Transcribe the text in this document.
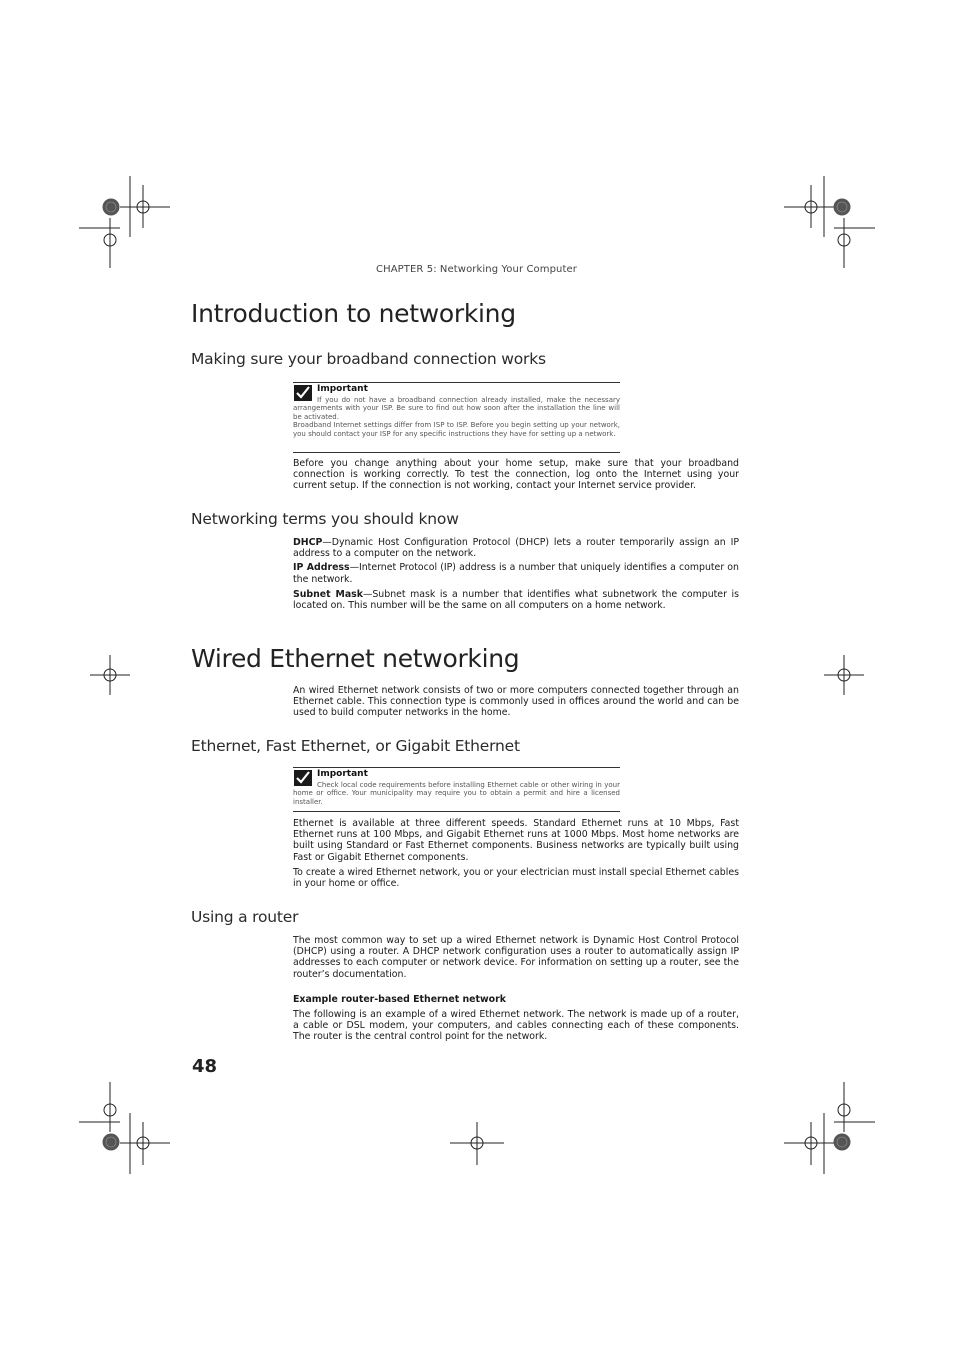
CHAPTER 5: Networking Your Computer
Introduction to networking
Making sure your broadband connection works
Important

If you do not have a broadband connection already installed, make the necessary arrangements with your ISP. Be sure to find out how soon after the installation the line will be activated.

Broadband Internet settings differ from ISP to ISP. Before you begin setting up your network, you should contact your ISP for any specific instructions they have for setting up a network.

Before you change anything about your home setup, make sure that your broadband connection is working correctly. To test the connection, log onto the Internet using your current setup. If the connection is not working, contact your Internet service provider.

Networking terms you should know

DHCP—Dynamic Host Configuration Protocol (DHCP) lets a router temporarily assign an IP address to a computer on the network.

IP Address—Internet Protocol (IP) address is a number that uniquely identifies a computer on the network.

Subnet Mask—Subnet mask is a number that identifies what subnetwork the computer is located on. This number will be the same on all computers on a home network.

Wired Ethernet networking

An wired Ethernet network consists of two or more computers connected together through an Ethernet cable. This connection type is commonly used in offices around the world and can be used to build computer networks in the home.

Ethernet, Fast Ethernet, or Gigabit Ethernet
Important

Check local code requirements before installing Ethernet cable or other wiring in your home or office. Your municipality may require you to obtain a permit and hire a licensed installer.

Ethernet is available at three different speeds. Standard Ethernet runs at 10 Mbps, Fast Ethernet runs at 100 Mbps, and Gigabit Ethernet runs at 1000 Mbps. Most home networks are built using Standard or Fast Ethernet components. Business networks are typically built using Fast or Gigabit Ethernet components.

To create a wired Ethernet network, you or your electrician must install special Ethernet cables in your home or office.

Using a router

The most common way to set up a wired Ethernet network is Dynamic Host Control Protocol (DHCP) using a router. A DHCP network configuration uses a router to automatically assign IP addresses to each computer or network device. For information on setting up a router, see the router’s documentation.

Example router-based Ethernet network

The following is an example of a wired Ethernet network. The network is made up of a router, a cable or DSL modem, your computers, and cables connecting each of these components. The router is the central control point for the network.

48
